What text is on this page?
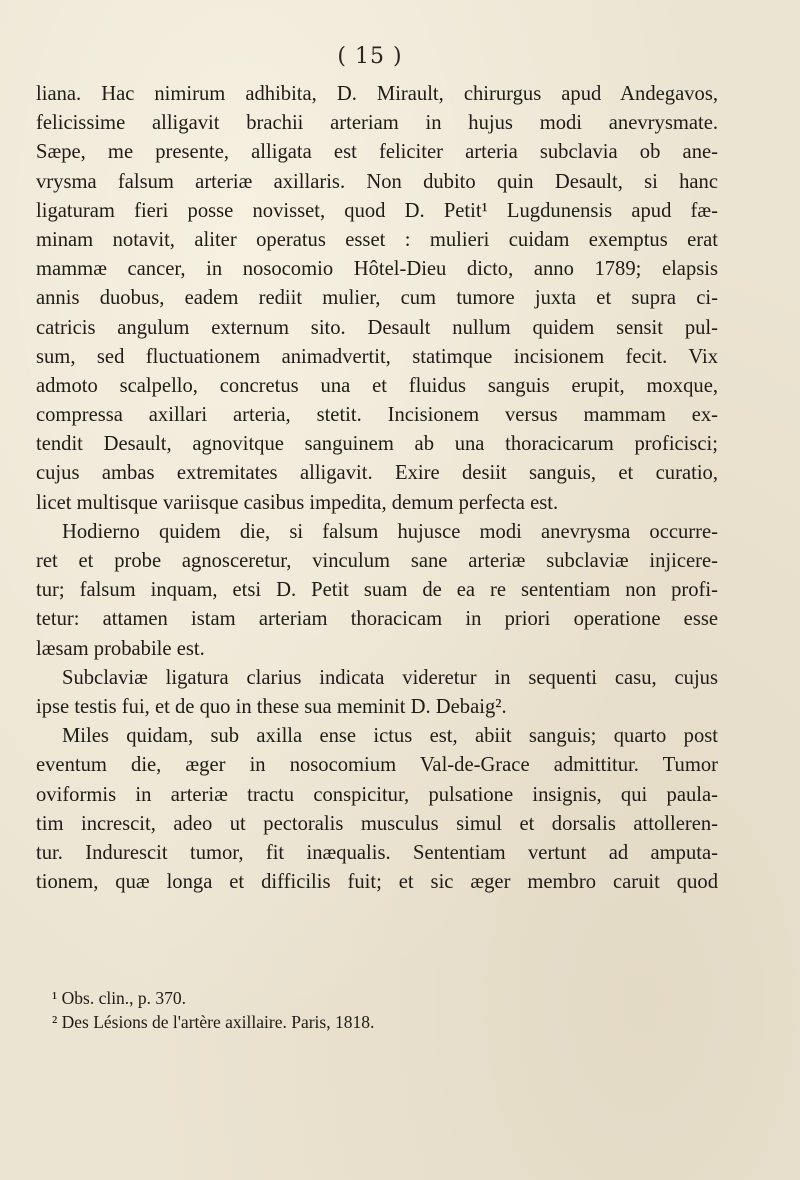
( 15 )
liana. Hac nimirum adhibita, D. Mirault, chirurgus apud Andegavos,
felicissime alligavit brachii arteriam in hujus modi anevrysmate.
Sæpe, me presente, alligata est feliciter arteria subclavia ob ane-
vrysma falsum arteriæ axillaris. Non dubito quin Desault, si hanc
ligaturam fieri posse novisset, quod D. Petit¹ Lugdunensis apud fæ-
minam notavit, aliter operatus esset : mulieri cuidam exemptus erat
mammæ cancer, in nosocomio Hôtel-Dieu dicto, anno 1789; elapsis
annis duobus, eadem rediit mulier, cum tumore juxta et supra ci-
catricis angulum externum sito. Desault nullum quidem sensit pul-
sum, sed fluctuationem animadvertit, statimque incisionem fecit. Vix
admoto scalpello, concretus una et fluidus sanguis erupit, moxque,
compressa axillari arteria, stetit. Incisionem versus mammam ex-
tendit Desault, agnovitque sanguinem ab una thoracicarum proficisci;
cujus ambas extremitates alligavit. Exire desiit sanguis, et curatio,
licet multisque variisque casibus impedita, demum perfecta est.
Hodierno quidem die, si falsum hujusce modi anevrysma occurre-
ret et probe agnosceretur, vinculum sane arteriæ subclaviæ injicere-
tur; falsum inquam, etsi D. Petit suam de ea re sententiam non profi-
tetur: attamen istam arteriam thoracicam in priori operatione esse
læsam probabile est.
Subclaviæ ligatura clarius indicata videretur in sequenti casu, cujus
ipse testis fui, et de quo in these sua meminit D. Debaig².
Miles quidam, sub axilla ense ictus est, abiit sanguis; quarto post
eventum die, æger in nosocomium Val-de-Grace admittitur. Tumor
oviformis in arteriæ tractu conspicitur, pulsatione insignis, qui paula-
tim increscit, adeo ut pectoralis musculus simul et dorsalis attolleren-
tur. Indurescit tumor, fit inæqualis. Sententiam vertunt ad amputa-
tionem, quæ longa et difficilis fuit; et sic æger membro caruit quod
¹ Obs. clin., p. 370.
² Des Lésions de l'artère axillaire. Paris, 1818.
